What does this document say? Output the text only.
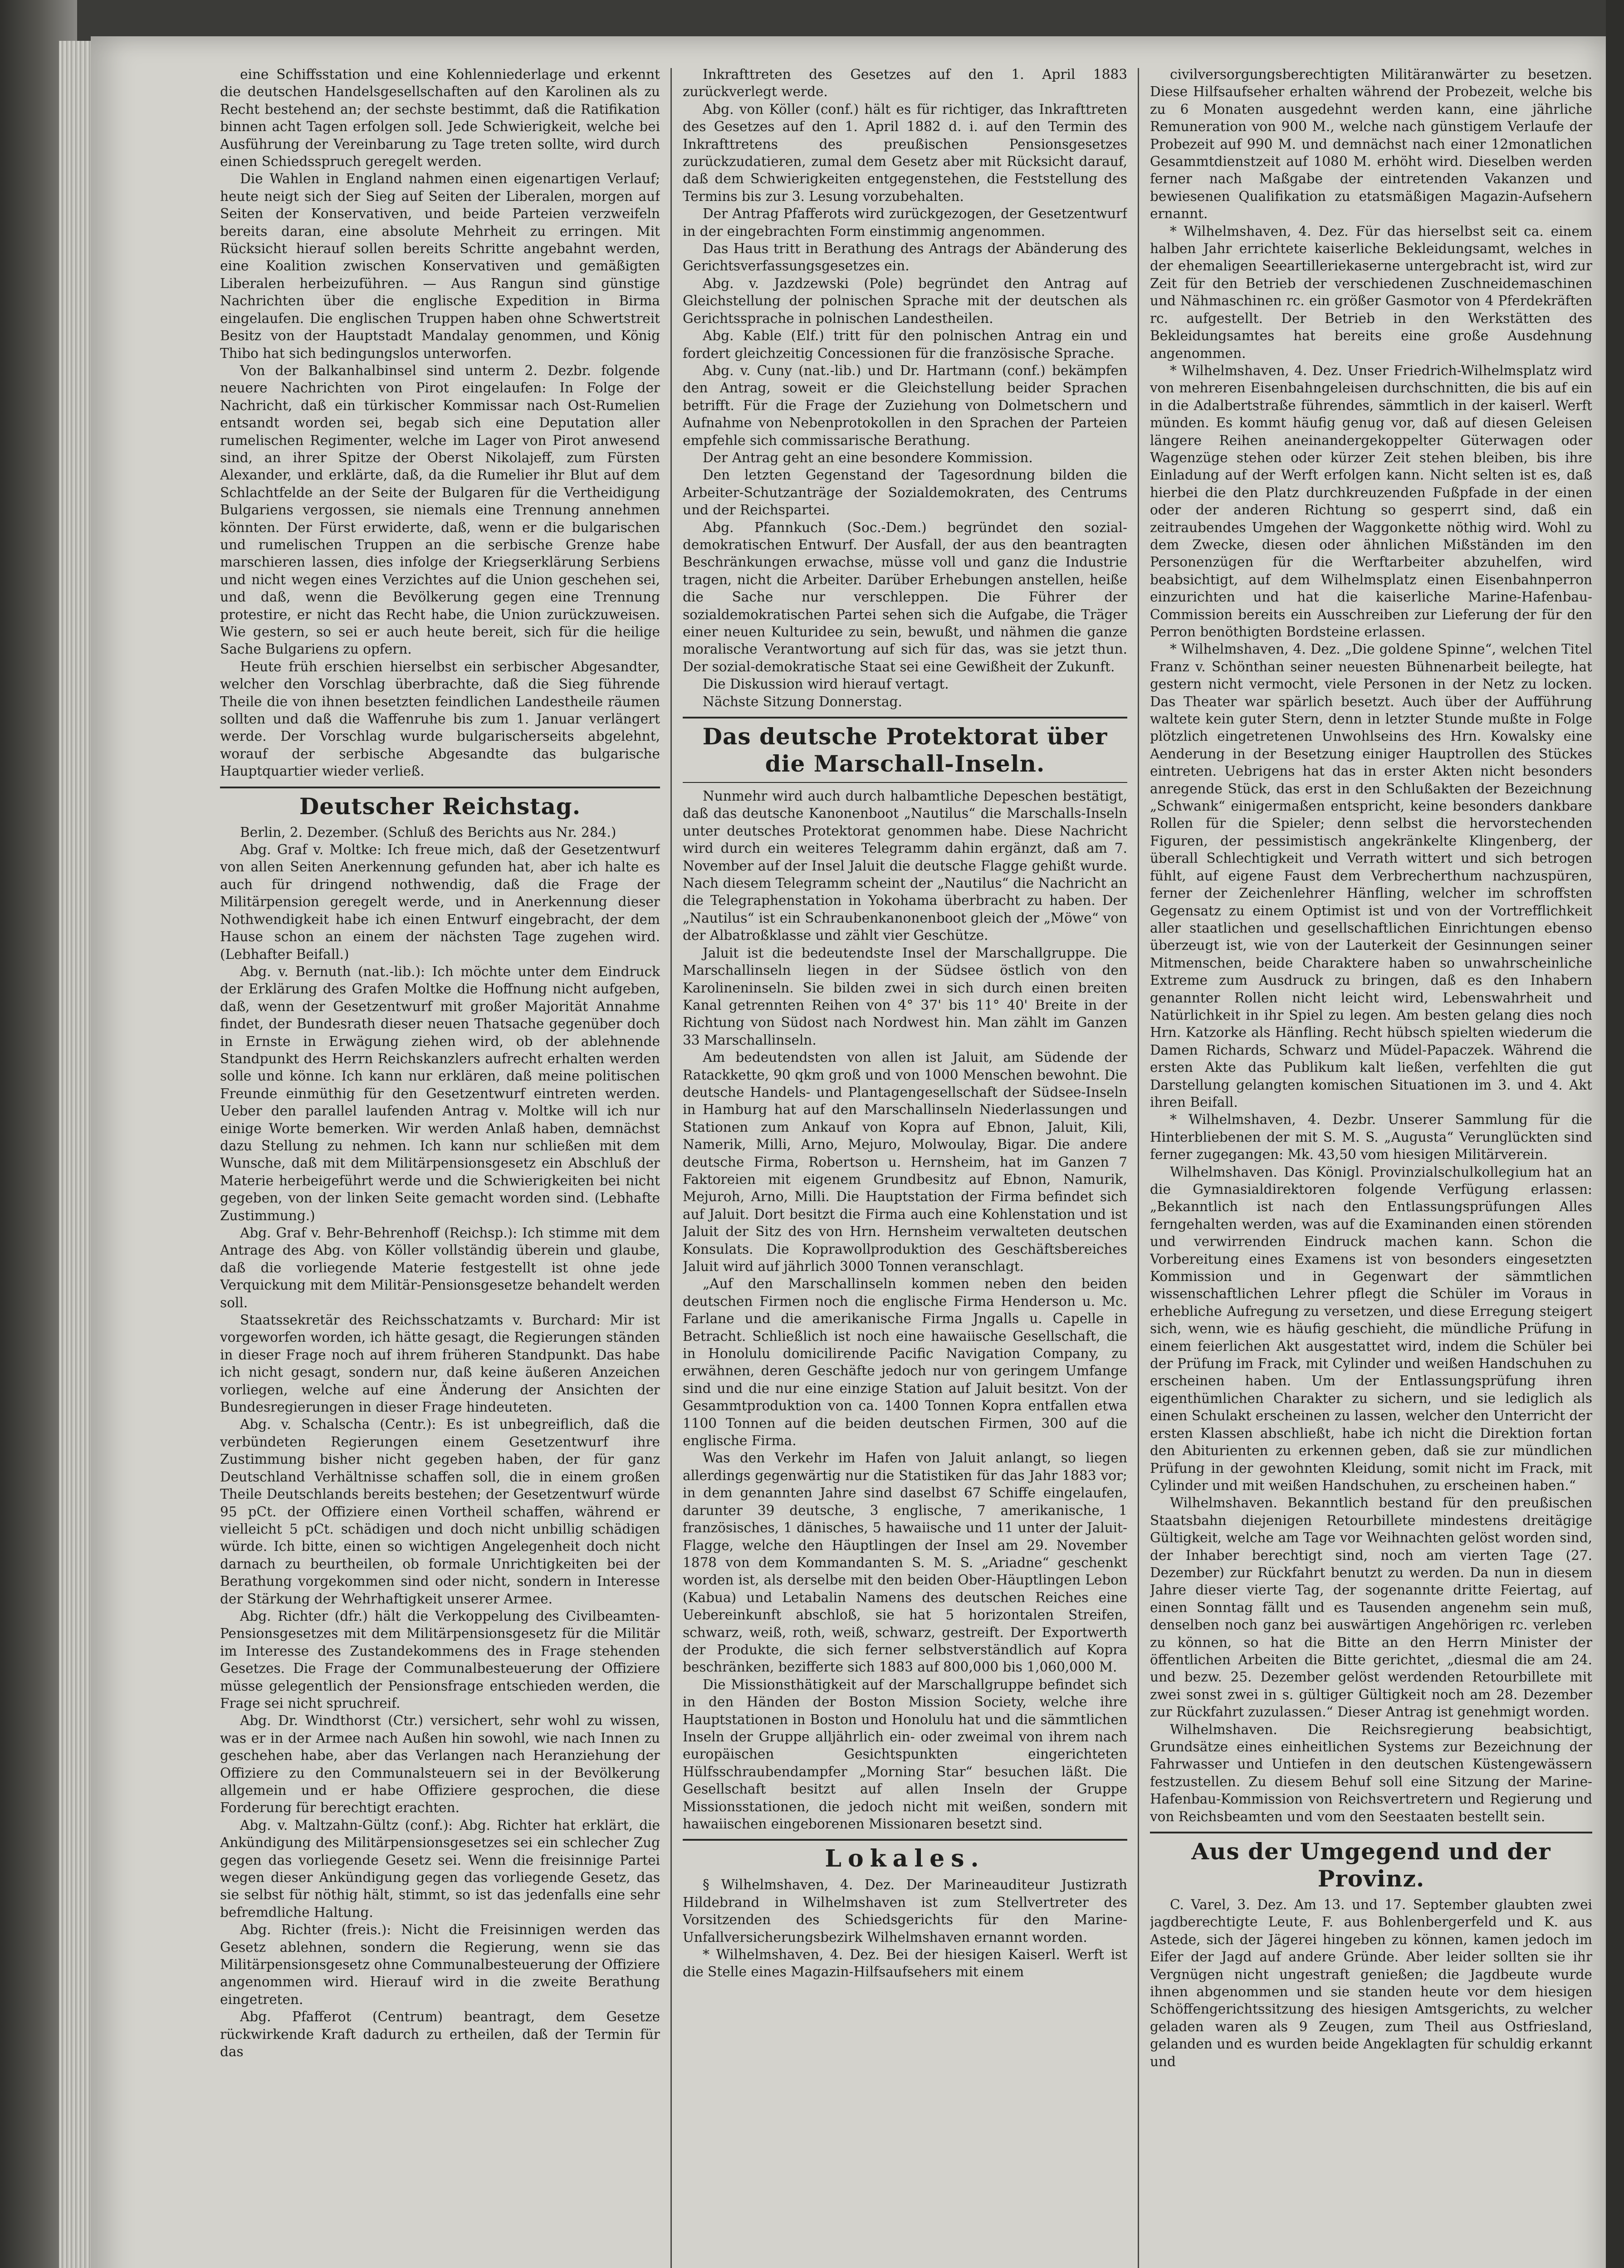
eine Schiffsstation und eine Kohlenniederlage und erkennt die deutschen Handelsgesellschaften auf den Karolinen als zu Recht bestehend an; der sechste bestimmt, daß die Ratifikation binnen acht Tagen erfolgen soll. Jede Schwierigkeit, welche bei Ausführung der Vereinbarung zu Tage treten sollte, wird durch einen Schiedsspruch geregelt werden.

Die Wahlen in England nahmen einen eigenartigen Verlauf; heute neigt sich der Sieg auf Seiten der Liberalen, morgen auf Seiten der Konservativen, und beide Parteien verzweifeln bereits daran, eine absolute Mehrheit zu erringen. Mit Rücksicht hierauf sollen bereits Schritte angebahnt werden, eine Koalition zwischen Konservativen und gemäßigten Liberalen herbeizuführen. — Aus Rangun sind günstige Nachrichten über die englische Expedition in Birma eingelaufen. Die englischen Truppen haben ohne Schwertstreit Besitz von der Hauptstadt Mandalay genommen, und König Thibo hat sich bedingungslos unterworfen.

Von der Balkanhalbinsel sind unterm 2. Dezbr. folgende neuere Nachrichten von Pirot eingelaufen: In Folge der Nachricht, daß ein türkischer Kommissar nach Ost-Rumelien entsandt worden sei, begab sich eine Deputation aller rumelischen Regimenter, welche im Lager von Pirot anwesend sind, an ihrer Spitze der Oberst Nikolajeff, zum Fürsten Alexander, und erklärte, daß, da die Rumelier ihr Blut auf dem Schlachtfelde an der Seite der Bulgaren für die Vertheidigung Bulgariens vergossen, sie niemals eine Trennung annehmen könnten. Der Fürst erwiderte, daß, wenn er die bulgarischen und rumelischen Truppen an die serbische Grenze habe marschieren lassen, dies infolge der Kriegserklärung Serbiens und nicht wegen eines Verzichtes auf die Union geschehen sei, und daß, wenn die Bevölkerung gegen eine Trennung protestire, er nicht das Recht habe, die Union zurückzuweisen. Wie gestern, so sei er auch heute bereit, sich für die heilige Sache Bulgariens zu opfern.

Heute früh erschien hierselbst ein serbischer Abgesandter, welcher den Vorschlag überbrachte, daß die Sieg führende Theile die von ihnen besetzten feindlichen Landestheile räumen sollten und daß die Waffenruhe bis zum 1. Januar verlängert werde. Der Vorschlag wurde bulgarischerseits abgelehnt, worauf der serbische Abgesandte das bulgarische Hauptquartier wieder verließ.

Deutscher Reichstag.

Berlin, 2. Dezember. (Schluß des Berichts aus Nr. 284.)

Abg. Graf v. Moltke: Ich freue mich, daß der Gesetzentwurf von allen Seiten Anerkennung gefunden hat, aber ich halte es auch für dringend nothwendig, daß die Frage der Militärpension geregelt werde, und in Anerkennung dieser Nothwendigkeit habe ich einen Entwurf eingebracht, der dem Hause schon an einem der nächsten Tage zugehen wird. (Lebhafter Beifall.)

Abg. v. Bernuth (nat.-lib.): Ich möchte unter dem Eindruck der Erklärung des Grafen Moltke die Hoffnung nicht aufgeben, daß, wenn der Gesetzentwurf mit großer Majorität Annahme findet, der Bundesrath dieser neuen Thatsache gegenüber doch in Ernste in Erwägung ziehen wird, ob der ablehnende Standpunkt des Herrn Reichskanzlers aufrecht erhalten werden solle und könne. Ich kann nur erklären, daß meine politischen Freunde einmüthig für den Gesetzentwurf eintreten werden. Ueber den parallel laufenden Antrag v. Moltke will ich nur einige Worte bemerken. Wir werden Anlaß haben, demnächst dazu Stellung zu nehmen. Ich kann nur schließen mit dem Wunsche, daß mit dem Militärpensionsgesetz ein Abschluß der Materie herbeigeführt werde und die Schwierigkeiten bei nicht gegeben, von der linken Seite gemacht worden sind. (Lebhafte Zustimmung.)

Abg. Graf v. Behr-Behrenhoff (Reichsp.): Ich stimme mit dem Antrage des Abg. von Köller vollständig überein und glaube, daß die vorliegende Materie festgestellt ist ohne jede Verquickung mit dem Militär-Pensionsgesetze behandelt werden soll.

Staatssekretär des Reichsschatzamts v. Burchard: Mir ist vorgeworfen worden, ich hätte gesagt, die Regierungen ständen in dieser Frage noch auf ihrem früheren Standpunkt. Das habe ich nicht gesagt, sondern nur, daß keine äußeren Anzeichen vorliegen, welche auf eine Änderung der Ansichten der Bundesregierungen in dieser Frage hindeuteten.

Abg. v. Schalscha (Centr.): Es ist unbegreiflich, daß die verbündeten Regierungen einem Gesetzentwurf ihre Zustimmung bisher nicht gegeben haben, der für ganz Deutschland Verhältnisse schaffen soll, die in einem großen Theile Deutschlands bereits bestehen; der Gesetzentwurf würde 95 pCt. der Offiziere einen Vortheil schaffen, während er vielleicht 5 pCt. schädigen und doch nicht unbillig schädigen würde. Ich bitte, einen so wichtigen Angelegenheit doch nicht darnach zu beurtheilen, ob formale Unrichtigkeiten bei der Berathung vorgekommen sind oder nicht, sondern in Interesse der Stärkung der Wehrhaftigkeit unserer Armee.

Abg. Richter (dfr.) hält die Verkoppelung des Civilbeamten-Pensionsgesetzes mit dem Militärpensionsgesetz für die Militär im Interesse des Zustandekommens des in Frage stehenden Gesetzes. Die Frage der Communalbesteuerung der Offiziere müsse gelegentlich der Pensionsfrage entschieden werden, die Frage sei nicht spruchreif.

Abg. Dr. Windthorst (Ctr.) versichert, sehr wohl zu wissen, was er in der Armee nach Außen hin sowohl, wie nach Innen zu geschehen habe, aber das Verlangen nach Heranziehung der Offiziere zu den Communalsteuern sei in der Bevölkerung allgemein und er habe Offiziere gesprochen, die diese Forderung für berechtigt erachten.

Abg. v. Maltzahn-Gültz (conf.): Abg. Richter hat erklärt, die Ankündigung des Militärpensionsgesetzes sei ein schlecher Zug gegen das vorliegende Gesetz sei. Wenn die freisinnige Partei wegen dieser Ankündigung gegen das vorliegende Gesetz, das sie selbst für nöthig hält, stimmt, so ist das jedenfalls eine sehr befremdliche Haltung.

Abg. Richter (freis.): Nicht die Freisinnigen werden das Gesetz ablehnen, sondern die Regierung, wenn sie das Militärpensionsgesetz ohne Communalbesteuerung der Offiziere angenommen wird. Hierauf wird in die zweite Berathung eingetreten.

Abg. Pfafferot (Centrum) beantragt, dem Gesetze rückwirkende Kraft dadurch zu ertheilen, daß der Termin für das

Inkrafttreten des Gesetzes auf den 1. April 1883 zurückverlegt werde.

Abg. von Köller (conf.) hält es für richtiger, das Inkrafttreten des Gesetzes auf den 1. April 1882 d. i. auf den Termin des Inkrafttretens des preußischen Pensionsgesetzes zurückzudatieren, zumal dem Gesetz aber mit Rücksicht darauf, daß dem Schwierigkeiten entgegenstehen, die Feststellung des Termins bis zur 3. Lesung vorzubehalten.

Der Antrag Pfafferots wird zurückgezogen, der Gesetzentwurf in der eingebrachten Form einstimmig angenommen.

Das Haus tritt in Berathung des Antrags der Abänderung des Gerichtsverfassungsgesetzes ein.

Abg. v. Jazdzewski (Pole) begründet den Antrag auf Gleichstellung der polnischen Sprache mit der deutschen als Gerichtssprache in polnischen Landestheilen.

Abg. Kable (Elf.) tritt für den polnischen Antrag ein und fordert gleichzeitig Concessionen für die französische Sprache.

Abg. v. Cuny (nat.-lib.) und Dr. Hartmann (conf.) bekämpfen den Antrag, soweit er die Gleichstellung beider Sprachen betrifft. Für die Frage der Zuziehung von Dolmetschern und Aufnahme von Nebenprotokollen in den Sprachen der Parteien empfehle sich commissarische Berathung.

Der Antrag geht an eine besondere Kommission.

Den letzten Gegenstand der Tagesordnung bilden die Arbeiter-Schutzanträge der Sozialdemokraten, des Centrums und der Reichspartei.

Abg. Pfannkuch (Soc.-Dem.) begründet den sozial-demokratischen Entwurf. Der Ausfall, der aus den beantragten Beschränkungen erwachse, müsse voll und ganz die Industrie tragen, nicht die Arbeiter. Darüber Erhebungen anstellen, heiße die Sache nur verschleppen. Die Führer der sozialdemokratischen Partei sehen sich die Aufgabe, die Träger einer neuen Kulturidee zu sein, bewußt, und nähmen die ganze moralische Verantwortung auf sich für das, was sie jetzt thun. Der sozial-demokratische Staat sei eine Gewißheit der Zukunft.

Die Diskussion wird hierauf vertagt.

Nächste Sitzung Donnerstag.

Das deutsche Protektorat über die Marschall-Inseln.

Nunmehr wird auch durch halbamtliche Depeschen bestätigt, daß das deutsche Kanonenboot „Nautilus“ die Marschalls-Inseln unter deutsches Protektorat genommen habe. Diese Nachricht wird durch ein weiteres Telegramm dahin ergänzt, daß am 7. November auf der Insel Jaluit die deutsche Flagge gehißt wurde. Nach diesem Telegramm scheint der „Nautilus“ die Nachricht an die Telegraphenstation in Yokohama überbracht zu haben. Der „Nautilus“ ist ein Schraubenkanonenboot gleich der „Möwe“ von der Albatroßklasse und zählt vier Geschütze.

Jaluit ist die bedeutendste Insel der Marschallgruppe. Die Marschallinseln liegen in der Südsee östlich von den Karolineninseln. Sie bilden zwei in sich durch einen breiten Kanal getrennten Reihen von 4° 37' bis 11° 40' Breite in der Richtung von Südost nach Nordwest hin. Man zählt im Ganzen 33 Marschallinseln.

Am bedeutendsten von allen ist Jaluit, am Südende der Ratackkette, 90 qkm groß und von 1000 Menschen bewohnt. Die deutsche Handels- und Plantagengesellschaft der Südsee-Inseln in Hamburg hat auf den Marschallinseln Niederlassungen und Stationen zum Ankauf von Kopra auf Ebnon, Jaluit, Kili, Namerik, Milli, Arno, Mejuro, Molwoulay, Bigar. Die andere deutsche Firma, Robertson u. Hernsheim, hat im Ganzen 7 Faktoreien mit eigenem Grundbesitz auf Ebnon, Namurik, Mejuroh, Arno, Milli. Die Hauptstation der Firma befindet sich auf Jaluit. Dort besitzt die Firma auch eine Kohlenstation und ist Jaluit der Sitz des von Hrn. Hernsheim verwalteten deutschen Konsulats. Die Koprawollproduktion des Geschäftsbereiches Jaluit wird auf jährlich 3000 Tonnen veranschlagt.

„Auf den Marschallinseln kommen neben den beiden deutschen Firmen noch die englische Firma Henderson u. Mc. Farlane und die amerikanische Firma Jngalls u. Capelle in Betracht. Schließlich ist noch eine hawaiische Gesellschaft, die in Honolulu domicilirende Pacific Navigation Company, zu erwähnen, deren Geschäfte jedoch nur von geringem Umfange sind und die nur eine einzige Station auf Jaluit besitzt. Von der Gesammtproduktion von ca. 1400 Tonnen Kopra entfallen etwa 1100 Tonnen auf die beiden deutschen Firmen, 300 auf die englische Firma.

Was den Verkehr im Hafen von Jaluit anlangt, so liegen allerdings gegenwärtig nur die Statistiken für das Jahr 1883 vor; in dem genannten Jahre sind daselbst 67 Schiffe eingelaufen, darunter 39 deutsche, 3 englische, 7 amerikanische, 1 französisches, 1 dänisches, 5 hawaiische und 11 unter der Jaluit-Flagge, welche den Häuptlingen der Insel am 29. November 1878 von dem Kommandanten S. M. S. „Ariadne“ geschenkt worden ist, als derselbe mit den beiden Ober-Häuptlingen Lebon (Kabua) und Letabalin Namens des deutschen Reiches eine Uebereinkunft abschloß, sie hat 5 horizontalen Streifen, schwarz, weiß, roth, weiß, schwarz, gestreift. Der Exportwerth der Produkte, die sich ferner selbstverständlich auf Kopra beschränken, bezifferte sich 1883 auf 800,000 bis 1,060,000 M.

Die Missionsthätigkeit auf der Marschallgruppe befindet sich in den Händen der Boston Mission Society, welche ihre Hauptstationen in Boston und Honolulu hat und die sämmtlichen Inseln der Gruppe alljährlich ein- oder zweimal von ihrem nach europäischen Gesichtspunkten eingerichteten Hülfsschraubendampfer „Morning Star“ besuchen läßt. Die Gesellschaft besitzt auf allen Inseln der Gruppe Missionsstationen, die jedoch nicht mit weißen, sondern mit hawaiischen eingeborenen Missionaren besetzt sind.

Lokales.

§ Wilhelmshaven, 4. Dez. Der Marineauditeur Justizrath Hildebrand in Wilhelmshaven ist zum Stellvertreter des Vorsitzenden des Schiedsgerichts für den Marine-Unfallversicherungsbezirk Wilhelmshaven ernannt worden.

* Wilhelmshaven, 4. Dez. Bei der hiesigen Kaiserl. Werft ist die Stelle eines Magazin-Hilfsaufsehers mit einem

civilversorgungsberechtigten Militäranwärter zu besetzen. Diese Hilfsaufseher erhalten während der Probezeit, welche bis zu 6 Monaten ausgedehnt werden kann, eine jährliche Remuneration von 900 M., welche nach günstigem Verlaufe der Probezeit auf 990 M. und demnächst nach einer 12monatlichen Gesammtdienstzeit auf 1080 M. erhöht wird. Dieselben werden ferner nach Maßgabe der eintretenden Vakanzen und bewiesenen Qualifikation zu etatsmäßigen Magazin-Aufsehern ernannt.

* Wilhelmshaven, 4. Dez. Für das hierselbst seit ca. einem halben Jahr errichtete kaiserliche Bekleidungsamt, welches in der ehemaligen Seeartilleriekaserne untergebracht ist, wird zur Zeit für den Betrieb der verschiedenen Zuschneidemaschinen und Nähmaschinen rc. ein größer Gasmotor von 4 Pferdekräften rc. aufgestellt. Der Betrieb in den Werkstätten des Bekleidungsamtes hat bereits eine große Ausdehnung angenommen.

* Wilhelmshaven, 4. Dez. Unser Friedrich-Wilhelmsplatz wird von mehreren Eisenbahngeleisen durchschnitten, die bis auf ein in die Adalbertstraße führendes, sämmtlich in der kaiserl. Werft münden. Es kommt häufig genug vor, daß auf diesen Geleisen längere Reihen aneinandergekoppelter Güterwagen oder Wagenzüge stehen oder kürzer Zeit stehen bleiben, bis ihre Einladung auf der Werft erfolgen kann. Nicht selten ist es, daß hierbei die den Platz durchkreuzenden Fußpfade in der einen oder der anderen Richtung so gesperrt sind, daß ein zeitraubendes Umgehen der Waggonkette nöthig wird. Wohl zu dem Zwecke, diesen oder ähnlichen Mißständen im den Personenzügen für die Werftarbeiter abzuhelfen, wird beabsichtigt, auf dem Wilhelmsplatz einen Eisenbahnperron einzurichten und hat die kaiserliche Marine-Hafenbau-Commission bereits ein Ausschreiben zur Lieferung der für den Perron benöthigten Bordsteine erlassen.

* Wilhelmshaven, 4. Dez. „Die goldene Spinne“, welchen Titel Franz v. Schönthan seiner neuesten Bühnenarbeit beilegte, hat gestern nicht vermocht, viele Personen in der Netz zu locken. Das Theater war spärlich besetzt. Auch über der Aufführung waltete kein guter Stern, denn in letzter Stunde mußte in Folge plötzlich eingetretenen Unwohlseins des Hrn. Kowalsky eine Aenderung in der Besetzung einiger Hauptrollen des Stückes eintreten. Uebrigens hat das in erster Akten nicht besonders anregende Stück, das erst in den Schlußakten der Bezeichnung „Schwank“ einigermaßen entspricht, keine besonders dankbare Rollen für die Spieler; denn selbst die hervorstechenden Figuren, der pessimistisch angekränkelte Klingenberg, der überall Schlechtigkeit und Verrath wittert und sich betrogen fühlt, auf eigene Faust dem Verbrecherthum nachzuspüren, ferner der Zeichenlehrer Hänfling, welcher im schroffsten Gegensatz zu einem Optimist ist und von der Vortrefflichkeit aller staatlichen und gesellschaftlichen Einrichtungen ebenso überzeugt ist, wie von der Lauterkeit der Gesinnungen seiner Mitmenschen, beide Charaktere haben so unwahrscheinliche Extreme zum Ausdruck zu bringen, daß es den Inhabern genannter Rollen nicht leicht wird, Lebenswahrheit und Natürlichkeit in ihr Spiel zu legen. Am besten gelang dies noch Hrn. Katzorke als Hänfling. Recht hübsch spielten wiederum die Damen Richards, Schwarz und Müdel-Papaczek. Während die ersten Akte das Publikum kalt ließen, verfehlten die gut Darstellung gelangten komischen Situationen im 3. und 4. Akt ihren Beifall.

* Wilhelmshaven, 4. Dezbr. Unserer Sammlung für die Hinterbliebenen der mit S. M. S. „Augusta“ Verunglückten sind ferner zugegangen: Mk. 43,50 vom hiesigen Militärverein.

Wilhelmshaven. Das Königl. Provinzialschulkollegium hat an die Gymnasialdirektoren folgende Verfügung erlassen: „Bekanntlich ist nach den Entlassungsprüfungen Alles ferngehalten werden, was auf die Examinanden einen störenden und verwirrenden Eindruck machen kann. Schon die Vorbereitung eines Examens ist von besonders eingesetzten Kommission und in Gegenwart der sämmtlichen wissenschaftlichen Lehrer pflegt die Schüler im Voraus in erhebliche Aufregung zu versetzen, und diese Erregung steigert sich, wenn, wie es häufig geschieht, die mündliche Prüfung in einem feierlichen Akt ausgestattet wird, indem die Schüler bei der Prüfung im Frack, mit Cylinder und weißen Handschuhen zu erscheinen haben. Um der Entlassungsprüfung ihren eigenthümlichen Charakter zu sichern, und sie lediglich als einen Schulakt erscheinen zu lassen, welcher den Unterricht der ersten Klassen abschließt, habe ich nicht die Direktion fortan den Abiturienten zu erkennen geben, daß sie zur mündlichen Prüfung in der gewohnten Kleidung, somit nicht im Frack, mit Cylinder und mit weißen Handschuhen, zu erscheinen haben.“

Wilhelmshaven. Bekanntlich bestand für den preußischen Staatsbahn diejenigen Retourbillete mindestens dreitägige Gültigkeit, welche am Tage vor Weihnachten gelöst worden sind, der Inhaber berechtigt sind, noch am vierten Tage (27. Dezember) zur Rückfahrt benutzt zu werden. Da nun in diesem Jahre dieser vierte Tag, der sogenannte dritte Feiertag, auf einen Sonntag fällt und es Tausenden angenehm sein muß, denselben noch ganz bei auswärtigen Angehörigen rc. verleben zu können, so hat die Bitte an den Herrn Minister der öffentlichen Arbeiten die Bitte gerichtet, „diesmal die am 24. und bezw. 25. Dezember gelöst werdenden Retourbillete mit zwei sonst zwei in s. gültiger Gültigkeit noch am 28. Dezember zur Rückfahrt zuzulassen.“ Dieser Antrag ist genehmigt worden.

Wilhelmshaven. Die Reichsregierung beabsichtigt, Grundsätze eines einheitlichen Systems zur Bezeichnung der Fahrwasser und Untiefen in den deutschen Küstengewässern festzustellen. Zu diesem Behuf soll eine Sitzung der Marine-Hafenbau-Kommission von Reichsvertretern und Regierung und von Reichsbeamten und vom den Seestaaten bestellt sein.

Aus der Umgegend und der Provinz.

C. Varel, 3. Dez. Am 13. und 17. September glaubten zwei jagdberechtigte Leute, F. aus Bohlenbergerfeld und K. aus Astede, sich der Jägerei hingeben zu können, kamen jedoch im Eifer der Jagd auf andere Gründe. Aber leider sollten sie ihr Vergnügen nicht ungestraft genießen; die Jagdbeute wurde ihnen abgenommen und sie standen heute vor dem hiesigen Schöffengerichtssitzung des hiesigen Amtsgerichts, zu welcher geladen waren als 9 Zeugen, zum Theil aus Ostfriesland, gelanden und es wurden beide Angeklagten für schuldig erkannt und
